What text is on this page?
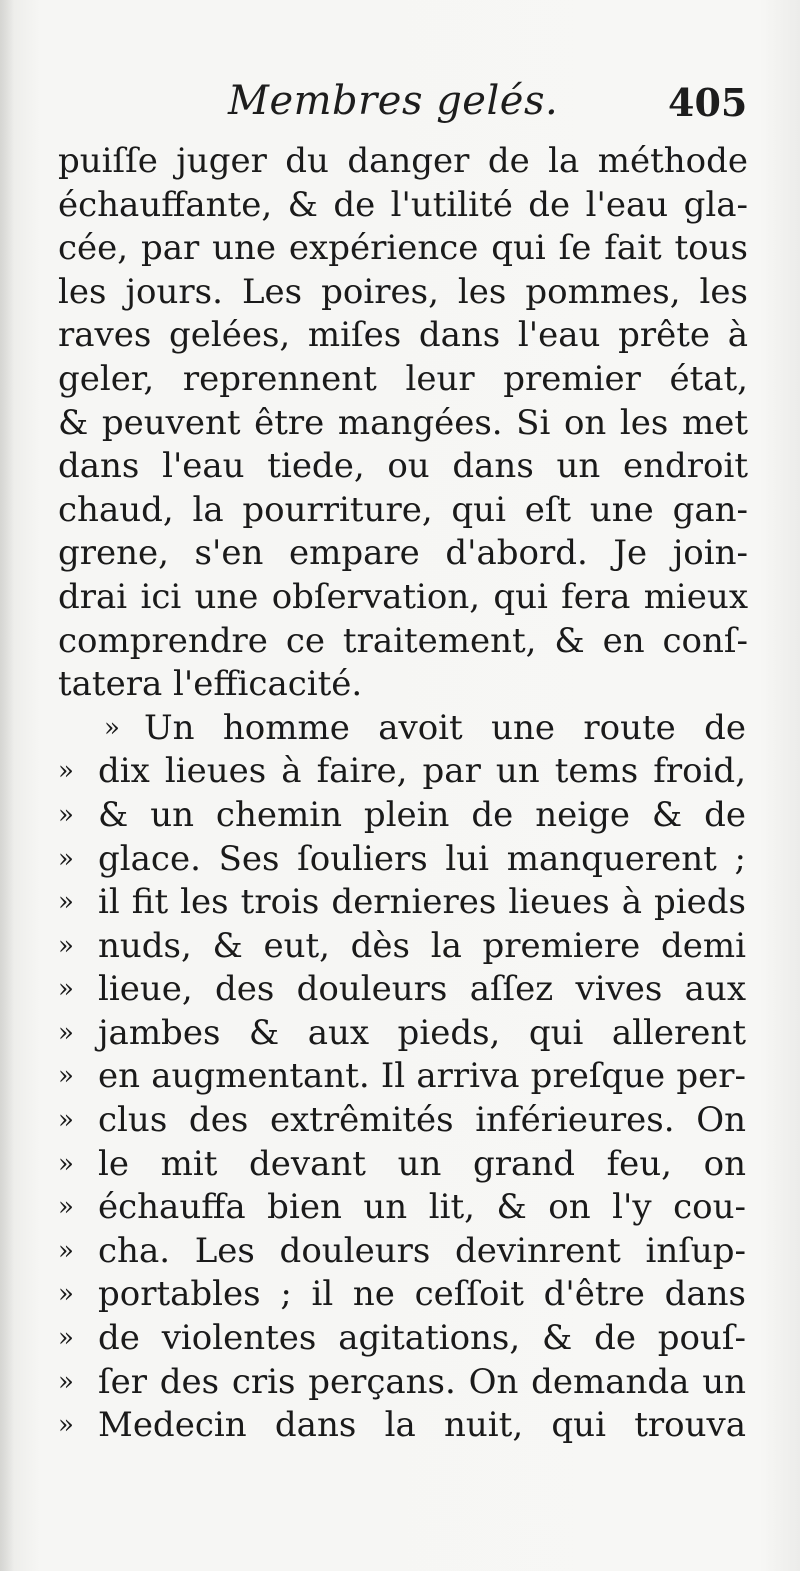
Membres gelés.	405
puiſſe juger du danger de la méthode
échauffante, & de l'utilité de l'eau gla-
cée, par une expérience qui ſe fait tous
les jours. Les poires, les pommes, les
raves gelées, miſes dans l'eau prête à
geler, reprennent leur premier état,
& peuvent être mangées. Si on les met
dans l'eau tiede, ou dans un endroit
chaud, la pourriture, qui eſt une gan-
grene, s'en empare d'abord. Je join-
drai ici une obſervation, qui fera mieux
comprendre ce traitement, & en conſ-
tatera l'efficacité.
» Un homme avoit une route de
» dix lieues à faire, par un tems froid,
» & un chemin plein de neige & de
» glace. Ses ſouliers lui manquerent ;
» il fit les trois dernieres lieues à pieds
» nuds, & eut, dès la premiere demi
» lieue, des douleurs aſſez vives aux
» jambes & aux pieds, qui allerent
» en augmentant. Il arriva preſque per-
» clus des extrêmités inférieures. On
» le mit devant un grand feu, on
» échauffa bien un lit, & on l'y cou-
» cha. Les douleurs devinrent inſup-
» portables ; il ne ceſſoit d'être dans
» de violentes agitations, & de pouſ-
» ſer des cris perçans. On demanda un
» Medecin dans la nuit, qui trouva
